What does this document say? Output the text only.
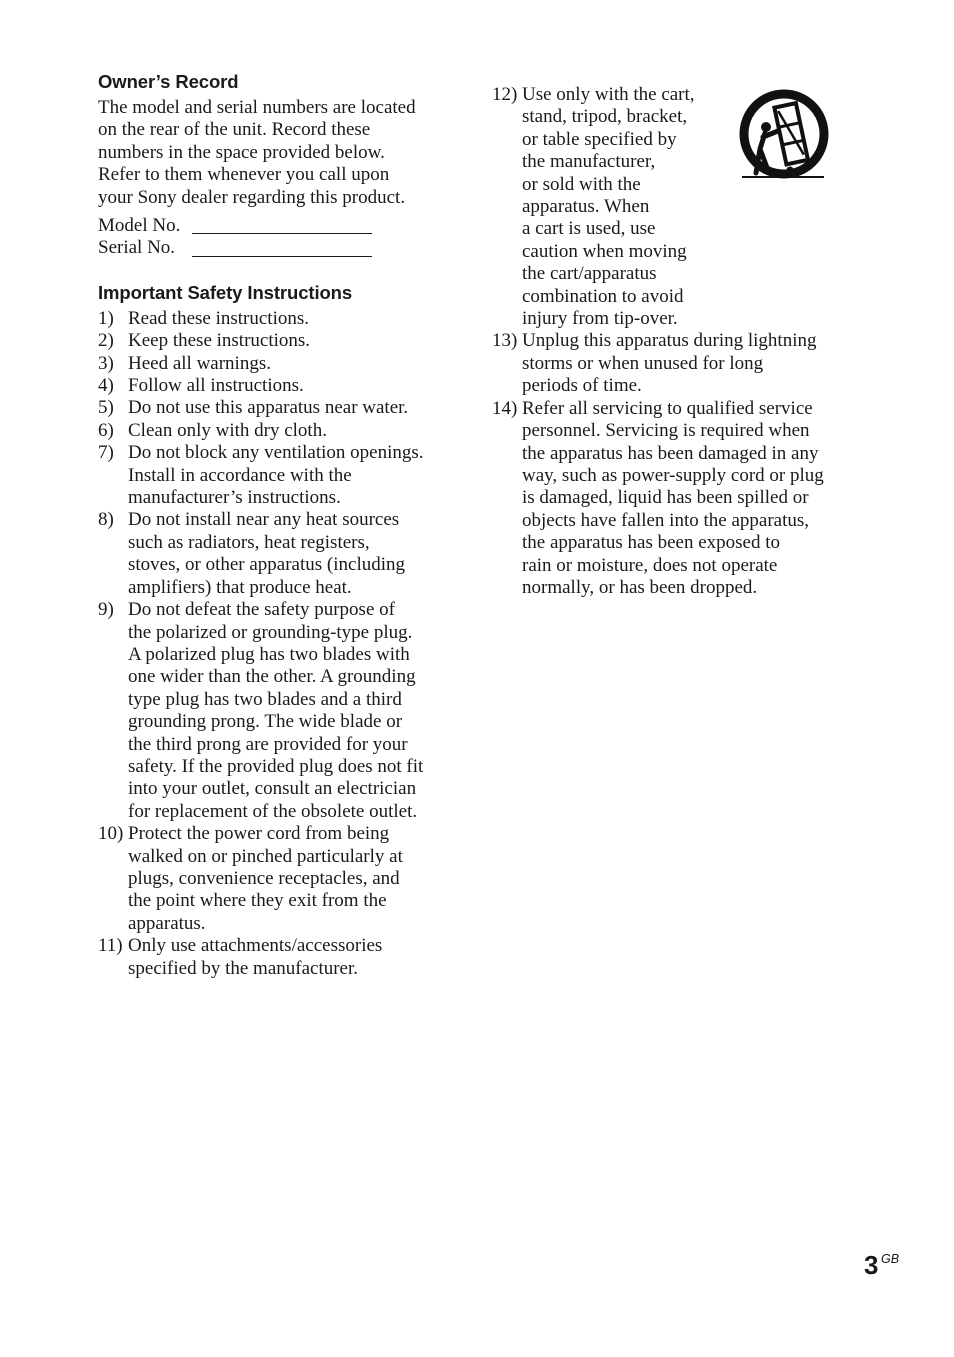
Owner’s Record
The model and serial numbers are located
on the rear of the unit. Record these
numbers in the space provided below.
Refer to them whenever you call upon
your Sony dealer regarding this product.
Model No.
Serial No.
Important Safety Instructions
1) Read these instructions.
2) Keep these instructions.
3) Heed all warnings.
4) Follow all instructions.
5) Do not use this apparatus near water.
6) Clean only with dry cloth.
7) Do not block any ventilation openings.
Install in accordance with the
manufacturer’s instructions.
8) Do not install near any heat sources
such as radiators, heat registers,
stoves, or other apparatus (including
amplifiers) that produce heat.
9) Do not defeat the safety purpose of
the polarized or grounding-type plug.
A polarized plug has two blades with
one wider than the other. A grounding
type plug has two blades and a third
grounding prong. The wide blade or
the third prong are provided for your
safety. If the provided plug does not fit
into your outlet, consult an electrician
for replacement of the obsolete outlet.
10) Protect the power cord from being
walked on or pinched particularly at
plugs, convenience receptacles, and
the point where they exit from the
apparatus.
11) Only use attachments/accessories
specified by the manufacturer.
12) Use only with the cart,
stand, tripod, bracket,
or table specified by
the manufacturer,
or sold with the
apparatus. When
a cart is used, use
caution when moving
the cart/apparatus
combination to avoid
injury from tip-over.
13) Unplug this apparatus during lightning
storms or when unused for long
periods of time.
14) Refer all servicing to qualified service
personnel. Servicing is required when
the apparatus has been damaged in any
way, such as power-supply cord or plug
is damaged, liquid has been spilled or
objects have fallen into the apparatus,
the apparatus has been exposed to
rain or moisture, does not operate
normally, or has been dropped.
3 GB
